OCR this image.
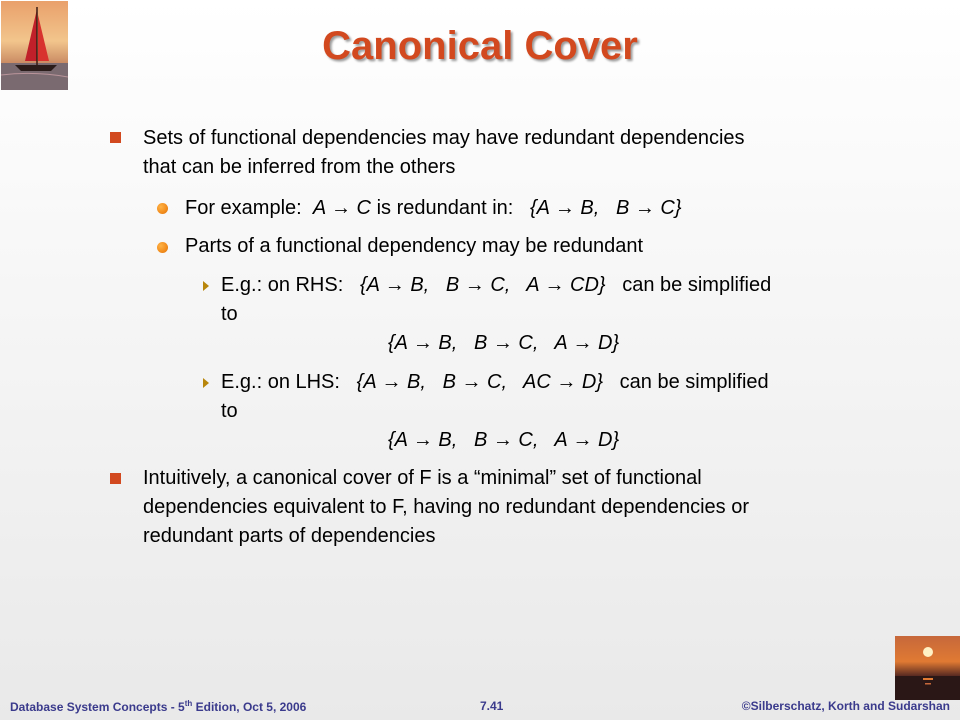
Canonical Cover
Sets of functional dependencies may have redundant dependencies
that can be inferred from the others
For example: A → C is redundant in: {A → B,   B → C}
Parts of a functional dependency may be redundant
E.g.: on RHS: {A → B,   B → C,   A → CD} can be simplified
to
{A → B,   B → C,   A → D}
E.g.: on LHS: {A → B,   B → C,   AC → D} can be simplified
to
{A → B,   B → C,   A → D}
Intuitively, a canonical cover of F is a “minimal” set of functional
dependencies equivalent to F, having no redundant dependencies or
redundant parts of dependencies
Database System Concepts - 5th Edition, Oct 5, 2006	7.41	©Silberschatz, Korth and Sudarshan
